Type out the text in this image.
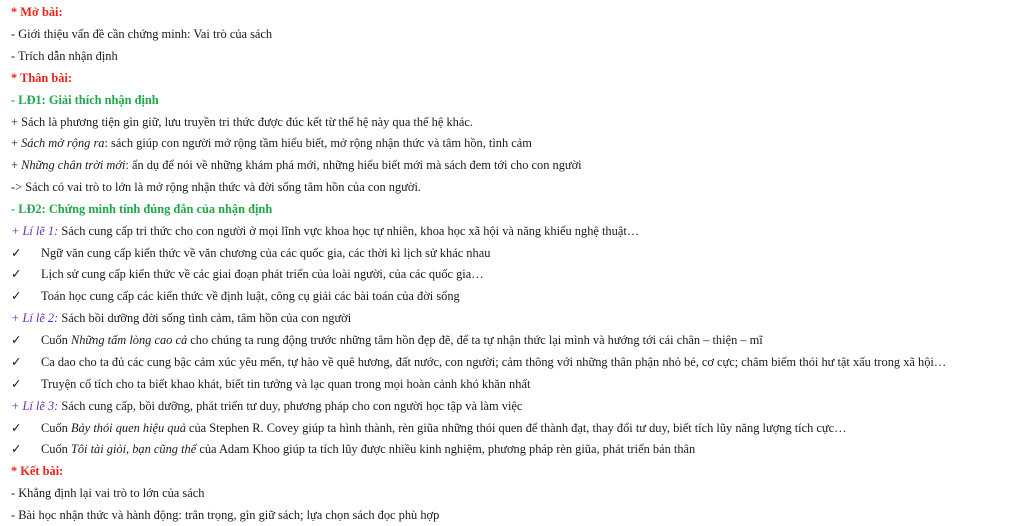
* Mở bài:
- Giới thiệu vấn đề cần chứng minh: Vai trò của sách
- Trích dẫn nhận định
* Thân bài:
- LĐ1: Giải thích nhận định
+ Sách là phương tiện gìn giữ, lưu truyền tri thức được đúc kết từ thế hệ này qua thế hệ khác.
+ Sách mở rộng ra: sách giúp con người mở rộng tầm hiểu biết, mở rộng nhận thức và tâm hồn, tình cảm
+ Những chân trời mới: ẩn dụ để nói về những khám phá mới, những hiểu biết mới mà sách đem tới cho con người
-> Sách có vai trò to lớn là mở rộng nhận thức và đời sống tâm hồn của con người.
- LĐ2: Chứng minh tính đúng đắn của nhận định
+ Lí lẽ 1: Sách cung cấp tri thức cho con người ở mọi lĩnh vực khoa học tự nhiên, khoa học xã hội và năng khiếu nghệ thuật…
✓ Ngữ văn cung cấp kiến thức về văn chương của các quốc gia, các thời kì lịch sử khác nhau
✓ Lịch sử cung cấp kiến thức về các giai đoạn phát triển của loài người, của các quốc gia…
✓ Toán học cung cấp các kiến thức về định luật, công cụ giải các bài toán của đời sống
+ Lí lẽ 2: Sách bồi dưỡng đời sống tình cảm, tâm hồn của con người
✓ Cuốn Những tấm lòng cao cả cho chúng ta rung động trước những tâm hồn đẹp đẽ, để ta tự nhận thức lại mình và hướng tới cái chân – thiện – mĩ
✓ Ca dao cho ta đủ các cung bậc cảm xúc yêu mến, tự hào về quê hương, đất nước, con người; cảm thông với những thân phận nhỏ bé, cơ cực; châm biếm thói hư tật xấu trong xã hội…
✓ Truyện cổ tích cho ta biết khao khát, biết tin tưởng và lạc quan trong mọi hoàn cảnh khó khăn nhất
+ Lí lẽ 3: Sách cung cấp, bồi dưỡng, phát triển tư duy, phương pháp cho con người học tập và làm việc
✓ Cuốn Bảy thói quen hiệu quả của Stephen R. Covey giúp ta hình thành, rèn giũa những thói quen để thành đạt, thay đổi tư duy, biết tích lũy năng lượng tích cực…
✓ Cuốn Tôi tài giỏi, bạn cũng thế của Adam Khoo giúp ta tích lũy được nhiều kinh nghiệm, phương pháp rèn giũa, phát triển bản thân
* Kết bài:
- Khẳng định lại vai trò to lớn của sách
- Bài học nhận thức và hành động: trân trọng, gìn giữ sách; lựa chọn sách đọc phù hợp
